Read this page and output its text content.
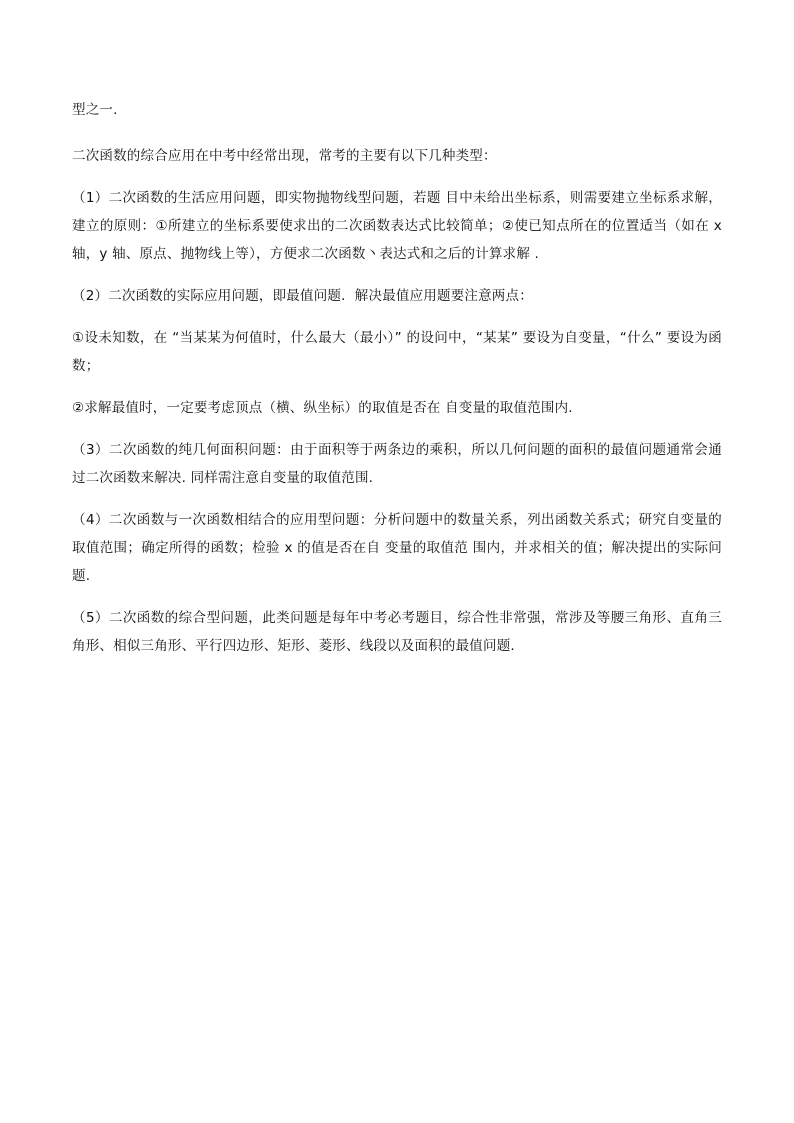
型之一.

二次函数的综合应用在中考中经常出现，常考的主要有以下几种类型：

（1）二次函数的生活应用问题，即实物抛物线型问题，若题 目中未给出坐标系，则需要建立坐标系求解，建立的原则：①所建立的坐标系要使求出的二次函数表达式比较简单；②使已知点所在的位置适当（如在 x 轴，y 轴、原点、抛物线上等），方便求二次函数丶表达式和之后的计算求解 .

（2）二次函数的实际应用问题，即最值问题．解决最值应用题要注意两点：

①设未知数，在 “当某某为何值时，什么最大（最小）” 的设问中，“某某” 要设为自变量，“什么” 要设为函数；

②求解最值时，一定要考虑顶点（横、纵坐标）的取值是否在 自变量的取值范围内.

（3）二次函数的纯几何面积问题：由于面积等于两条边的乘积，所以几何问题的面积的最值问题通常会通过二次函数来解决. 同样需注意自变量的取值范围.

（4）二次函数与一次函数相结合的应用型问题：分析问题中的数量关系，列出函数关系式；研究自变量的取值范围；确定所得的函数；检验 x 的值是否在自 变量的取值范 围内，并求相关的值；解决提出的实际问题.

（5）二次函数的综合型问题，此类问题是每年中考必考题目，综合性非常强，常涉及等腰三角形、直角三角形、相似三角形、平行四边形、矩形、菱形、线段以及面积的最值问题.
